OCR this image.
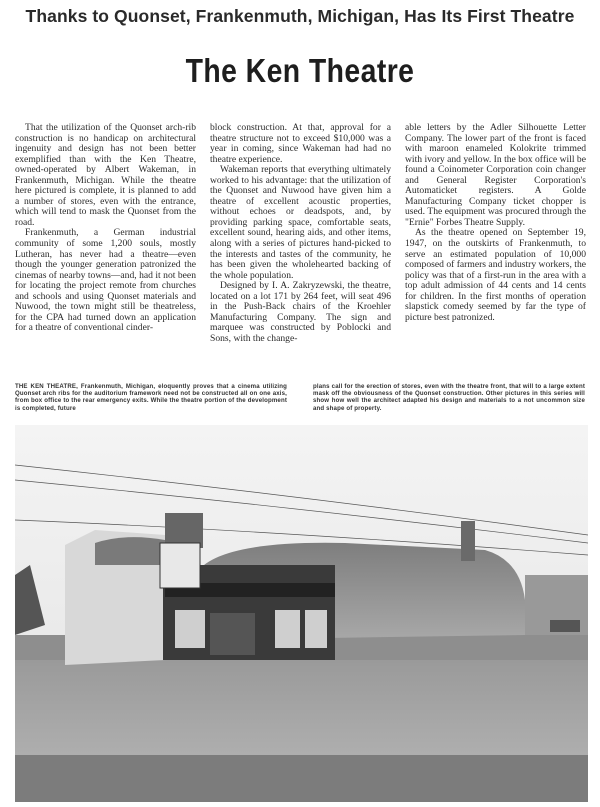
Thanks to Quonset, Frankenmuth, Michigan, Has Its First Theatre
The Ken Theatre

That the utilization of the Quonset arch-rib construction is no handicap on architectural ingenuity and design has not been better exemplified than with the Ken Theatre, owned-operated by Albert Wakeman, in Frankenmuth, Michigan. While the theatre here pictured is complete, it is planned to add a number of stores, even with the entrance, which will tend to mask the Quonset from the road.

Frankenmuth, a German industrial community of some 1,200 souls, mostly Lutheran, has never had a theatre—even though the younger generation patronized the cinemas of nearby towns—and, had it not been for locating the project remote from churches and schools and using Quonset materials and Nuwood, the town might still be theatreless, for the CPA had turned down an application for a theatre of conventional cinder-

block construction. At that, approval for a theatre structure not to exceed $10,000 was a year in coming, since Wakeman had had no theatre experience.

Wakeman reports that everything ultimately worked to his advantage: that the utilization of the Quonset and Nuwood have given him a theatre of excellent acoustic properties, without echoes or deadspots, and, by providing parking space, comfortable seats, excellent sound, hearing aids, and other items, along with a series of pictures hand-picked to the interests and tastes of the community, he has been given the wholehearted backing of the whole population.

Designed by I. A. Zakryzewski, the theatre, located on a lot 171 by 264 feet, will seat 496 in the Push-Back chairs of the Kroehler Manufacturing Company. The sign and marquee was constructed by Poblocki and Sons, with the change-

able letters by the Adler Silhouette Letter Company. The lower part of the front is faced with maroon enameled Kolokrite trimmed with ivory and yellow. In the box office will be found a Coinometer Corporation coin changer and General Register Corporation's Automaticket registers. A Golde Manufacturing Company ticket chopper is used. The equipment was procured through the "Ernie" Forbes Theatre Supply.

As the theatre opened on September 19, 1947, on the outskirts of Frankenmuth, to serve an estimated population of 10,000 composed of farmers and industry workers, the policy was that of a first-run in the area with a top adult admission of 44 cents and 14 cents for children. In the first months of operation slapstick comedy seemed by far the type of picture best patronized.

THE KEN THEATRE, Frankenmuth, Michigan, eloquently proves that a cinema utilizing Quonset arch ribs for the auditorium framework need not be constructed all on one axis, from box office to the rear emergency exits. While the theatre portion of the development is completed, future
plans call for the erection of stores, even with the theatre front, that will to a large extent mask off the obviousness of the Quonset construction. Other pictures in this series will show how well the architect adapted his design and materials to a not uncommon size and shape of property.
